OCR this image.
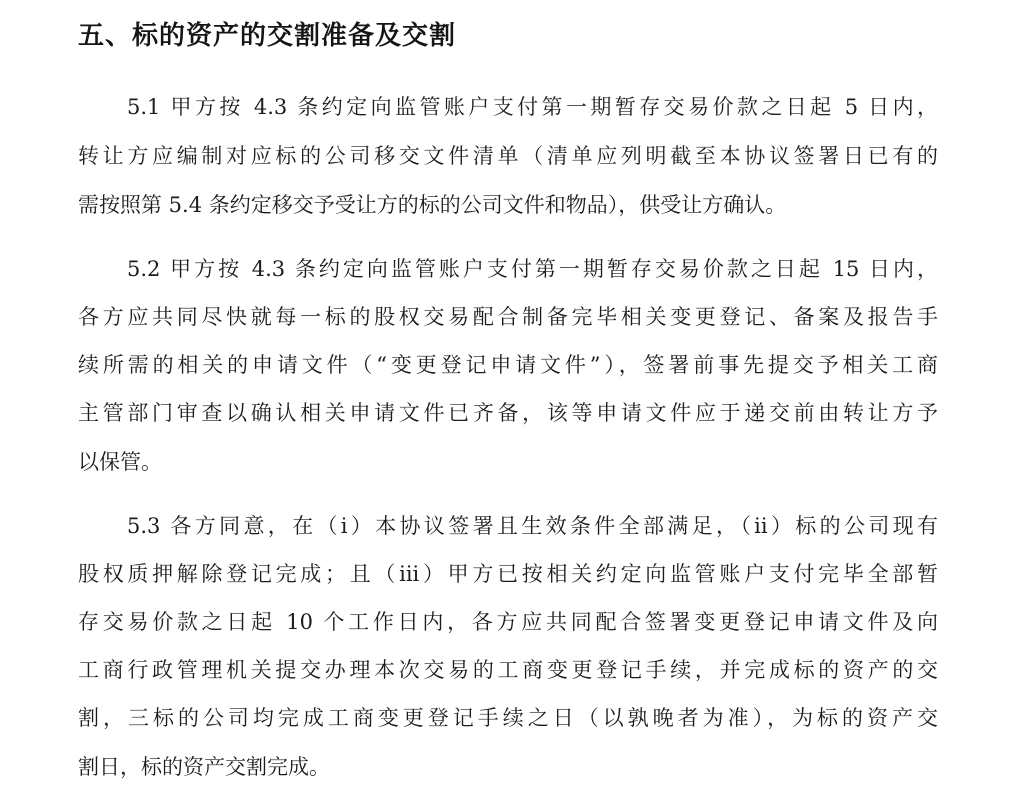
五、标的资产的交割准备及交割

5.1 甲方按 4.3 条约定向监管账户支付第一期暂存交易价款之日起 5 日内，

转让方应编制对应标的公司移交文件清单（清单应列明截至本协议签署日已有的

需按照第 5.4 条约定移交予受让方的标的公司文件和物品），供受让方确认。

5.2 甲方按 4.3 条约定向监管账户支付第一期暂存交易价款之日起 15 日内，

各方应共同尽快就每一标的股权交易配合制备完毕相关变更登记、备案及报告手

续所需的相关的申请文件（“变更登记申请文件”），签署前事先提交予相关工商

主管部门审查以确认相关申请文件已齐备，该等申请文件应于递交前由转让方予

以保管。

5.3 各方同意，在（i）本协议签署且生效条件全部满足，（ii）标的公司现有

股权质押解除登记完成；且（iii）甲方已按相关约定向监管账户支付完毕全部暂

存交易价款之日起 10 个工作日内，各方应共同配合签署变更登记申请文件及向

工商行政管理机关提交办理本次交易的工商变更登记手续，并完成标的资产的交

割，三标的公司均完成工商变更登记手续之日（以孰晚者为准），为标的资产交

割日，标的资产交割完成。
